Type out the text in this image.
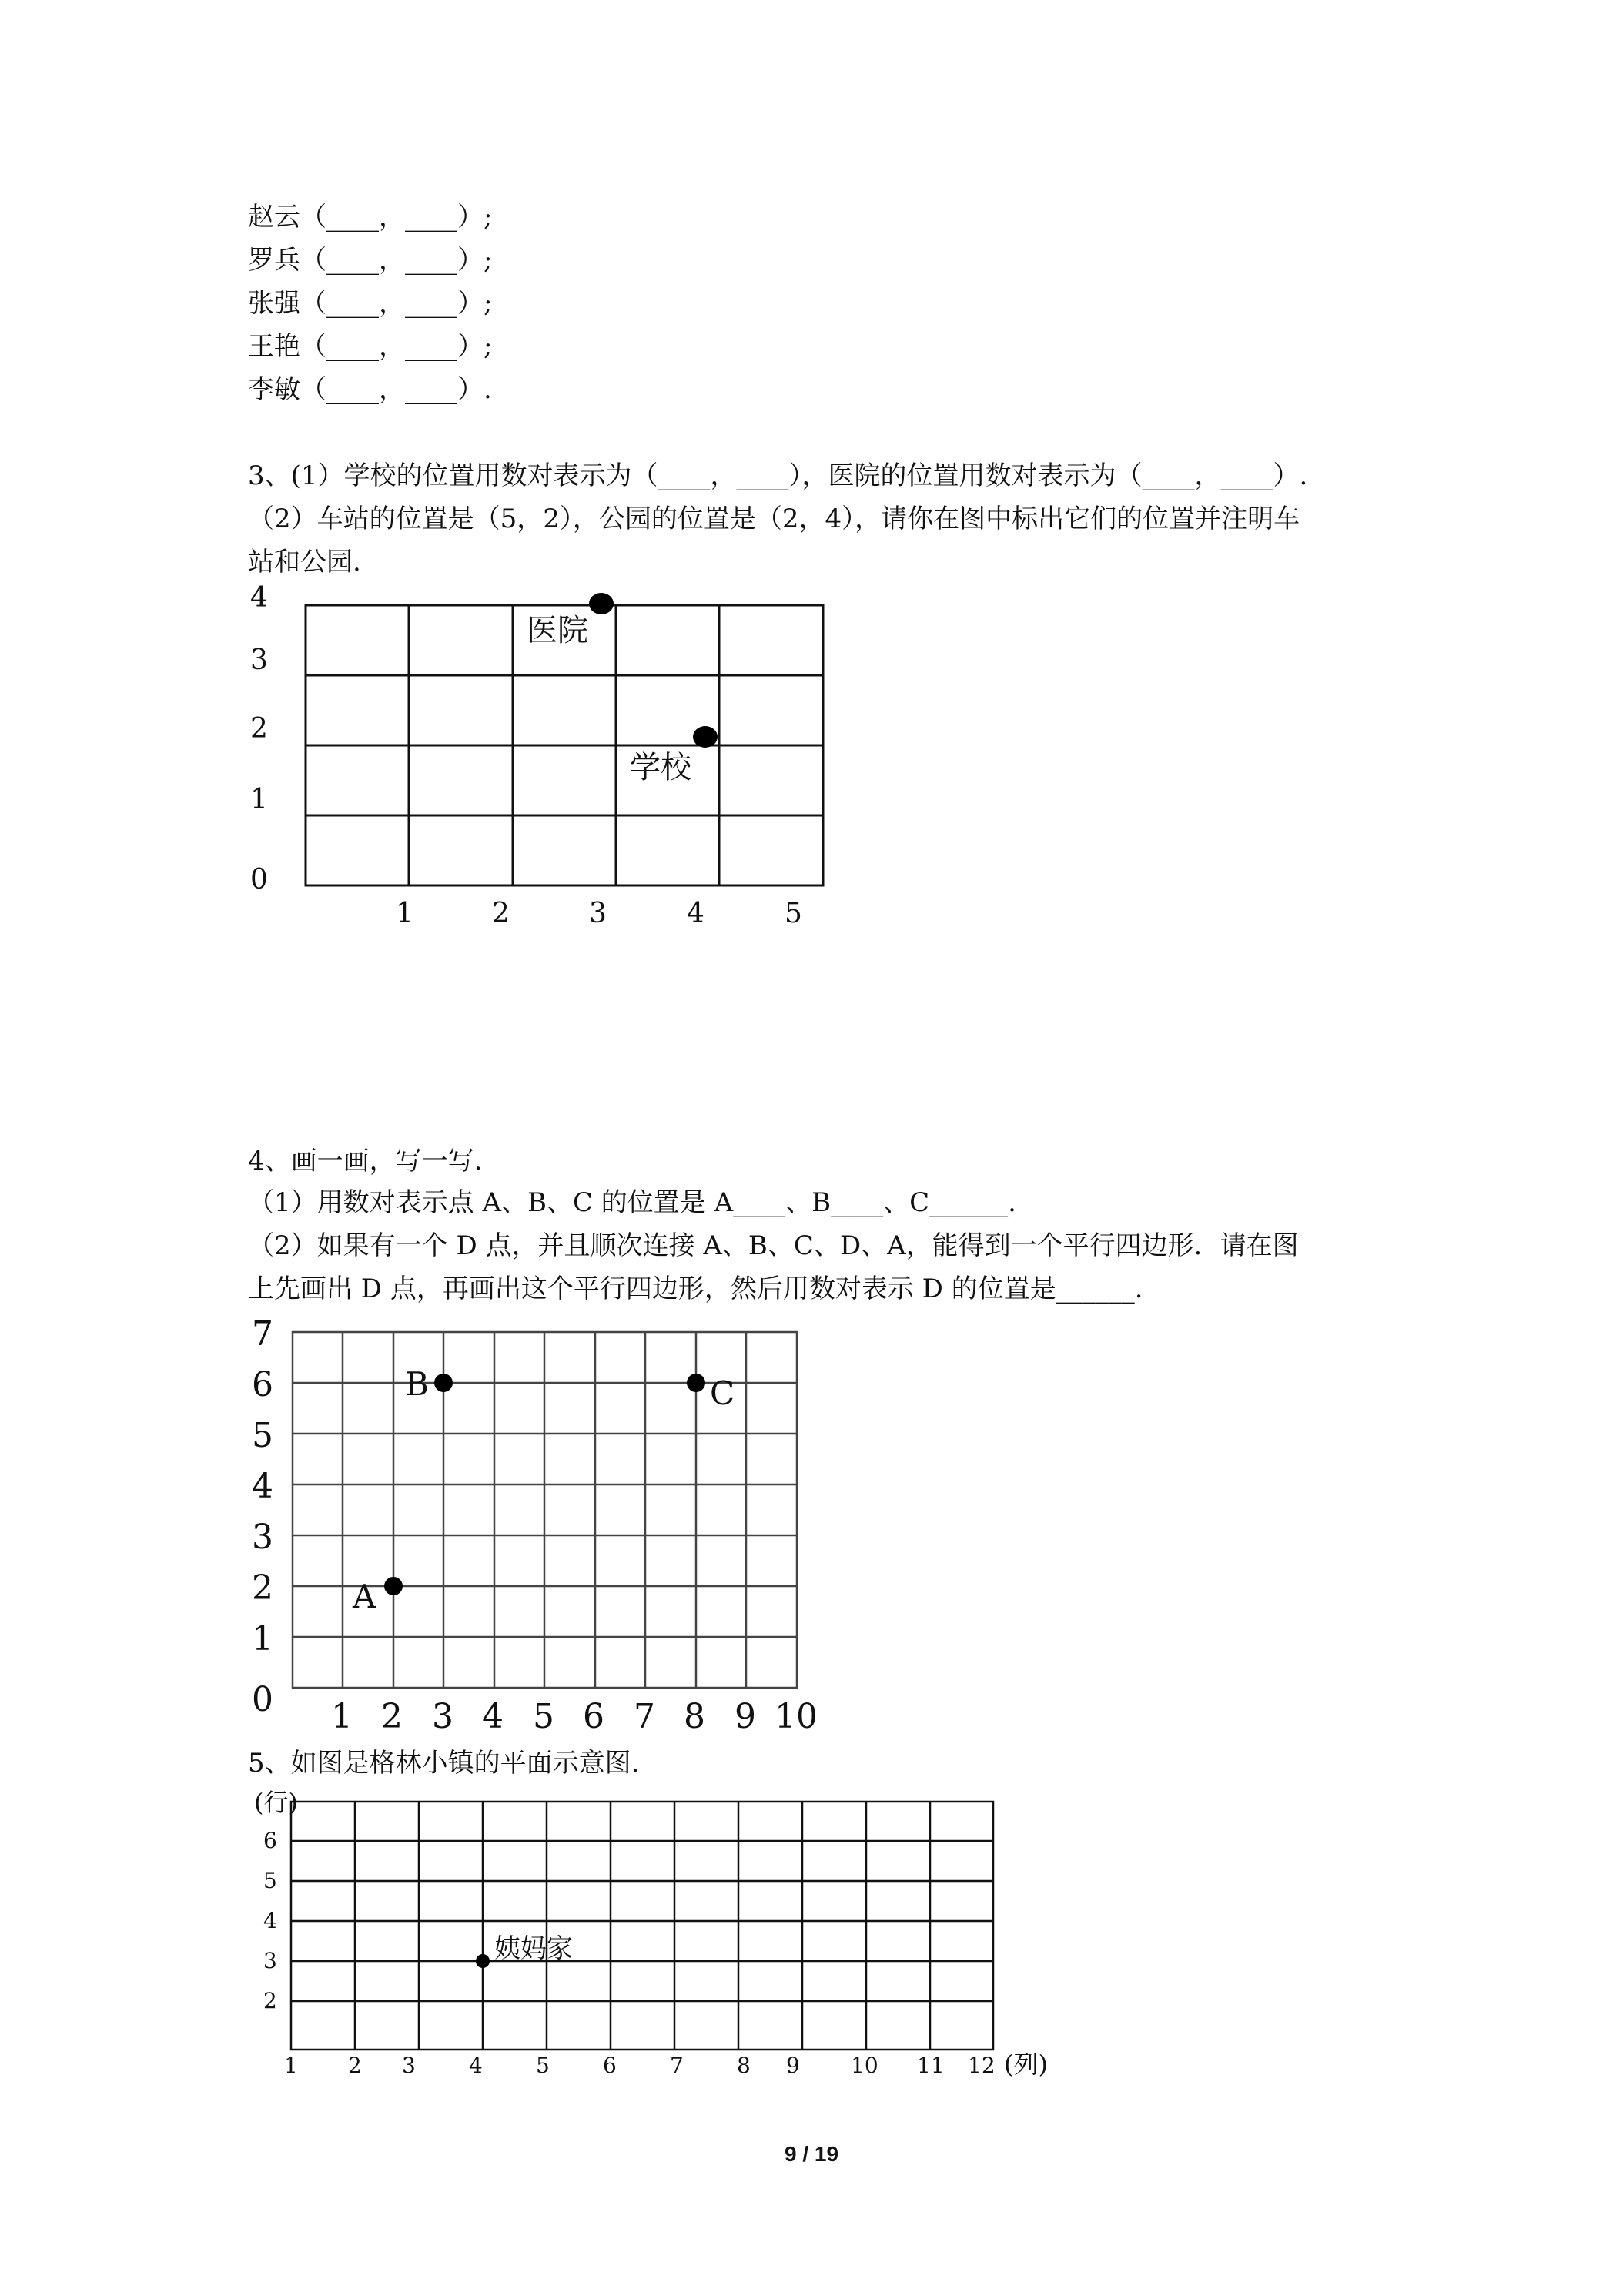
赵云（____，____）;
罗兵（____，____）;
张强（____，____）;
王艳（____，____）;
李敏（____，____）.
3、(1）学校的位置用数对表示为（____，____），医院的位置用数对表示为（____，____）.
（2）车站的位置是（5，2），公园的位置是（2，4），请你在图中标出它们的位置并注明车
站和公园.
0
1
2
3
4
1	2	3	4	5
医院
学校
4、画一画，写一写.
（1）用数对表示点 A、B、C 的位置是 A____、B____、C______.
（2）如果有一个 D 点，并且顺次连接 A、B、C、D、A，能得到一个平行四边形．请在图
上先画出 D 点，再画出这个平行四边形，然后用数对表示 D 的位置是______.
0
1
2
3
4
5
6
7
1 2 3 4 5 6 7 8 9 10
A
B	C
5、如图是格林小镇的平面示意图.
(行)
(列)
6
5
4
3
2
1 2 3 4 5 6 7 8 9 10 11 12
姨妈家
9 / 19
